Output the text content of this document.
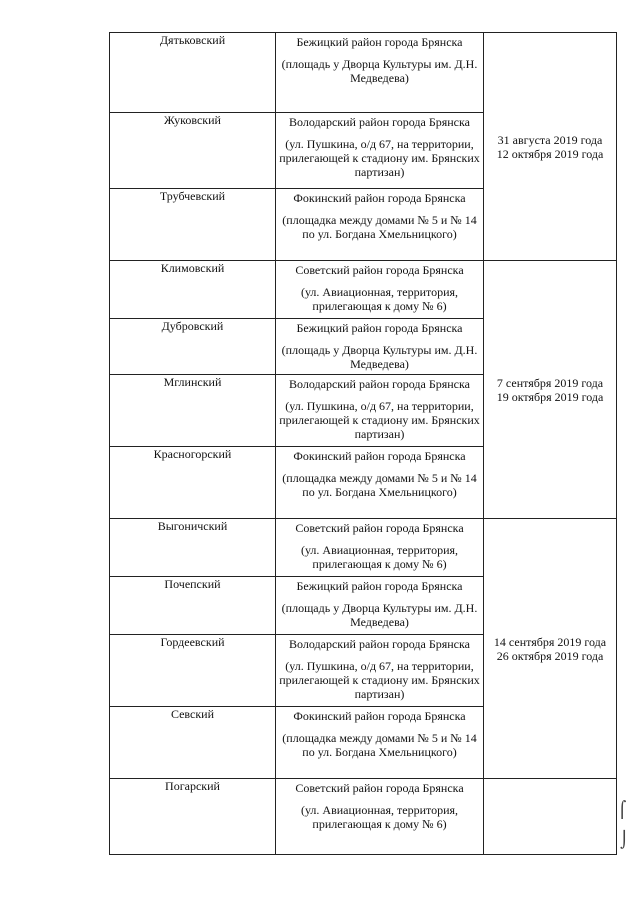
Дятьковский	Бежицкий район города Брянска
(площадь у Дворца Культуры им. Д.Н. Медведева)	31 августа 2019 года
12 октября 2019 года

Жуковский	Володарский район города Брянска
(ул. Пушкина, о/д 67, на территории, прилегающей к стадиону им. Брянских партизан)	

Трубчевский	Фокинский район города Брянска
(площадка между домами № 5 и № 14 по ул. Богдана Хмельницкого)	

Климовский	Советский район города Брянска
(ул. Авиационная, территория, прилегающая к дому № 6)	7 сентября 2019 года
19 октября 2019 года

Дубровский	Бежицкий район города Брянска
(площадь у Дворца Культуры им. Д.Н. Медведева)	

Мглинский	Володарский район города Брянска
(ул. Пушкина, о/д 67, на территории, прилегающей к стадиону им. Брянских партизан)	

Красногорский	Фокинский район города Брянска
(площадка между домами № 5 и № 14 по ул. Богдана Хмельницкого)	

Выгоничский	Советский район города Брянска
(ул. Авиационная, территория, прилегающая к дому № 6)	14 сентября 2019 года
26 октября 2019 года

Почепский	Бежицкий район города Брянска
(площадь у Дворца Культуры им. Д.Н. Медведева)	

Гордеевский	Володарский район города Брянска
(ул. Пушкина, о/д 67, на территории, прилегающей к стадиону им. Брянских партизан)	

Севский	Фокинский район города Брянска
(площадка между домами № 5 и № 14 по ул. Богдана Хмельницкого)	

Погарский	Советский район города Брянска
(ул. Авиационная, территория, прилегающая к дому № 6)	

⌠
⌡
